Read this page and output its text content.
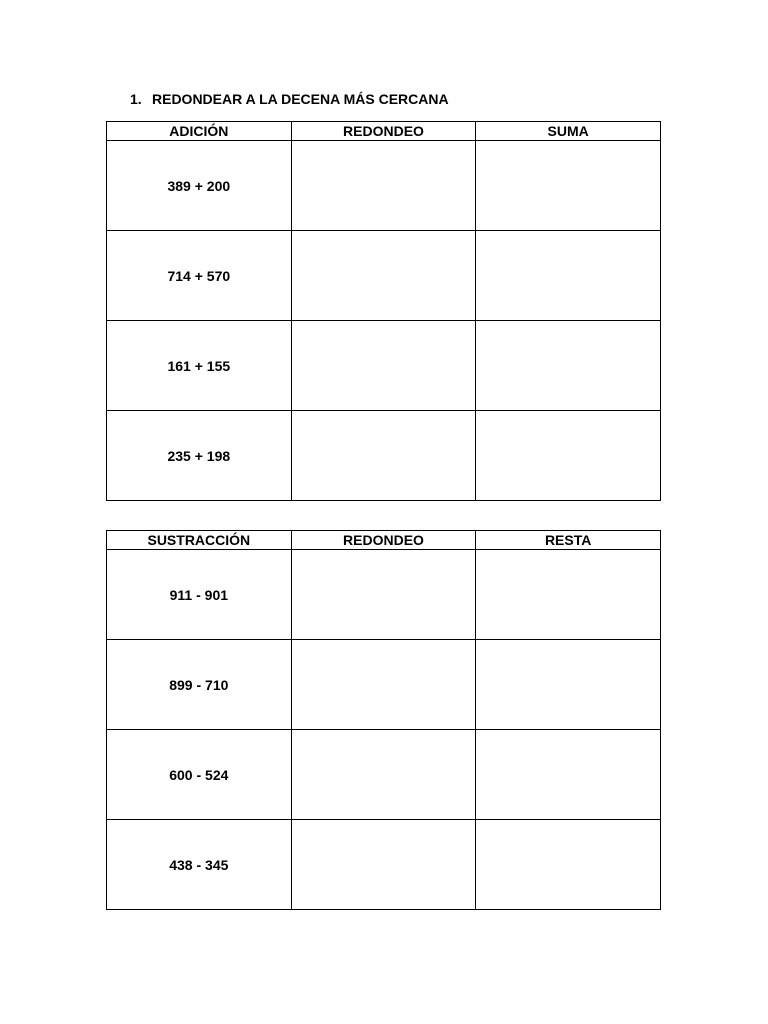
1. REDONDEAR A LA DECENA MÁS CERCANA
ADICIÓN	REDONDEO	SUMA
389 + 200		
714 + 570		
161 + 155		
235 + 198		
SUSTRACCIÓN	REDONDEO	RESTA
911 - 901		
899 - 710		
600 - 524		
438 - 345		
